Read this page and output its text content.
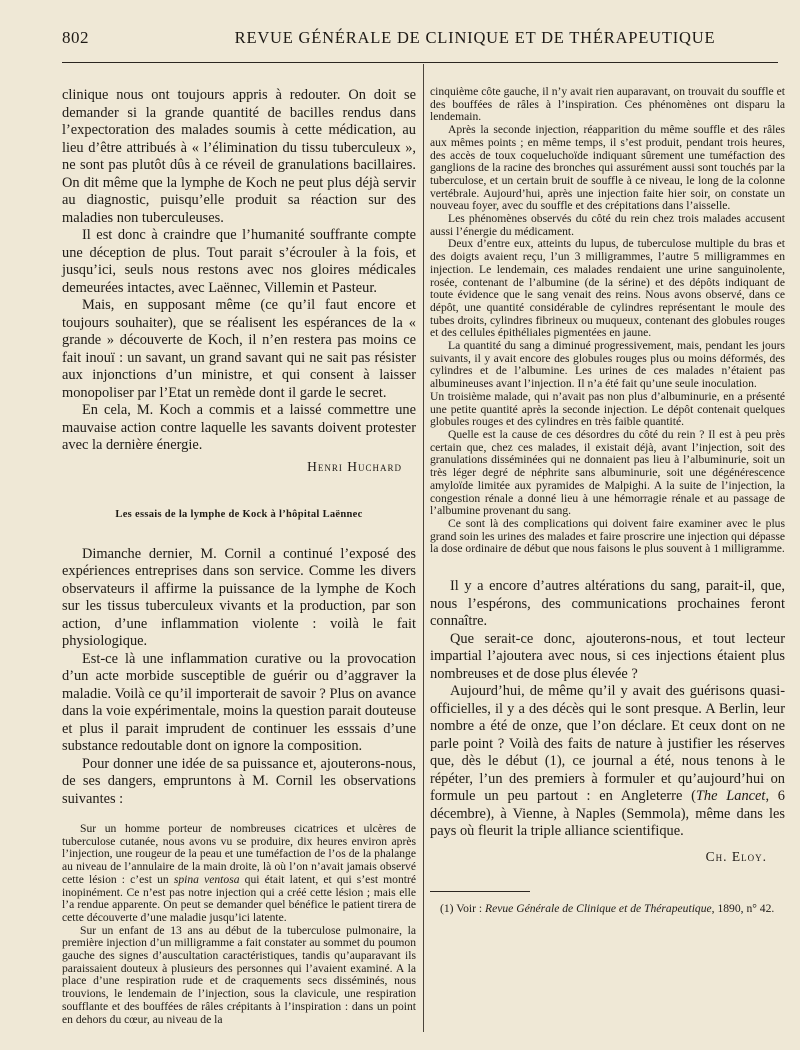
802	REVUE GÉNÉRALE DE CLINIQUE ET DE THÉRAPEUTIQUE

clinique nous ont toujours appris à redouter. On doit se demander si la grande quantité de bacilles rendus dans l’expectoration des malades soumis à cette médication, au lieu d’être attribués à « l’élimination du tissu tuberculeux », ne sont pas plutôt dûs à ce réveil de granulations bacillaires. On dit même que la lymphe de Koch ne peut plus déjà servir au diagnostic, puisqu’elle produit sa réaction sur des maladies non tuberculeuses.

Il est donc à craindre que l’humanité souffrante compte une déception de plus. Tout parait s’écrouler à la fois, et jusqu’ici, seuls nous restons avec nos gloires médicales demeurées intactes, avec Laënnec, Villemin et Pasteur.

Mais, en supposant même (ce qu’il faut encore et toujours souhaiter), que se réalisent les espérances de la « grande » découverte de Koch, il n’en restera pas moins ce fait inouï : un savant, un grand savant qui ne sait pas résister aux injonctions d’un ministre, et qui consent à laisser monopoliser par l’Etat un remède dont il garde le secret.

En cela, M. Koch a commis et a laissé commettre une mauvaise action contre laquelle les savants doivent protester avec la dernière énergie.

Henri Huchard
Les essais de la lymphe de Kock à l’hôpital Laënnec

Dimanche dernier, M. Cornil a continué l’exposé des expériences entreprises dans son service. Comme les divers observateurs il affirme la puissance de la lymphe de Koch sur les tissus tuberculeux vivants et la production, par son action, d’une inflammation violente : voilà le fait physiologique.

Est-ce là une inflammation curative ou la provocation d’un acte morbide susceptible de guérir ou d’aggraver la maladie. Voilà ce qu’il importerait de savoir ? Plus on avance dans la voie expérimentale, moins la question parait douteuse et plus il parait imprudent de continuer les esssais d’une substance redoutable dont on ignore la composition.

Pour donner une idée de sa puissance et, ajouterons-nous, de ses dangers, empruntons à M. Cornil les observations suivantes :

Sur un homme porteur de nombreuses cicatrices et ulcères de tuberculose cutanée, nous avons vu se produire, dix heures environ après l’injection, une rougeur de la peau et une tuméfaction de l’os de la phalange au niveau de l’annulaire de la main droite, là où l’on n’avait jamais observé cette lésion : c’est un spina ventosa qui était latent, et qui s’est montré inopinément. Ce n’est pas notre injection qui a créé cette lésion ; mais elle l’a rendue apparente. On peut se demander quel bénéfice le patient tirera de cette découverte d’une maladie jusqu’ici latente.

Sur un enfant de 13 ans au début de la tuberculose pulmonaire, la première injection d’un milligramme a fait constater au sommet du poumon gauche des signes d’auscultation caractéristiques, tandis qu’auparavant ils paraissaient douteux à plusieurs des personnes qui l’avaient examiné. A la place d’une respiration rude et de craquements secs disséminés, nous trouvions, le lendemain de l’injection, sous la clavicule, une respiration soufflante et des bouffées de râles crépitants à l’inspiration : dans un point en dehors du cœur, au niveau de la

cinquième côte gauche, il n’y avait rien auparavant, on trouvait du souffle et des bouffées de râles à l’inspiration. Ces phénomènes ont disparu la lendemain.

Après la seconde injection, réapparition du même souffle et des râles aux mêmes points ; en même temps, il s’est produit, pendant trois heures, des accès de toux coqueluchoïde indiquant sûrement une tuméfaction des ganglions de la racine des bronches qui assurément aussi sont touchés par la tuberculose, et un certain bruit de souffle à ce niveau, le long de la colonne vertébrale. Aujourd’hui, après une injection faite hier soir, on constate un nouveau foyer, avec du souffle et des crépitations dans l’aisselle.

Les phénomènes observés du côté du rein chez trois malades accusent aussi l’énergie du médicament.

Deux d’entre eux, atteints du lupus, de tuberculose multiple du bras et des doigts avaient reçu, l’un 3 milligrammes, l’autre 5 milligrammes en injection. Le lendemain, ces malades rendaient une urine sanguinolente, rosée, contenant de l’albumine (de la sérine) et des dépôts indiquant de toute évidence que le sang venait des reins. Nous avons observé, dans ce dépôt, une quantité considérable de cylindres représentant le moule des tubes droits, cylindres fibrineux ou muqueux, contenant des globules rouges et des cellules épithéliales pigmentées en jaune.

La quantité du sang a diminué progressivement, mais, pendant les jours suivants, il y avait encore des globules rouges plus ou moins déformés, des cylindres et de l’albumine. Les urines de ces malades n’étaient pas albumineuses avant l’injection. Il n’a été fait qu’une seule inoculation.

Un troisième malade, qui n’avait pas non plus d’albuminurie, en a présenté une petite quantité après la seconde injection. Le dépôt contenait quelques globules rouges et des cylindres en très faible quantité.

Quelle est la cause de ces désordres du côté du rein ? Il est à peu près certain que, chez ces malades, il existait déjà, avant l’injection, soit des granulations disséminées qui ne donnaient pas lieu à l’albuminurie, soit un très léger degré de néphrite sans albuminurie, soit une dégénérescence amyloïde limitée aux pyramides de Malpighi. A la suite de l’injection, la congestion rénale a donné lieu à une hémorragie rénale et au passage de l’albumine provenant du sang.

Ce sont là des complications qui doivent faire examiner avec le plus grand soin les urines des malades et faire proscrire une injection qui dépasse la dose ordinaire de début que nous faisons le plus souvent à 1 milligramme.

Il y a encore d’autres altérations du sang, parait-il, que, nous l’espérons, des communications prochaines feront connaître.

Que serait-ce donc, ajouterons-nous, et tout lecteur impartial l’ajoutera avec nous, si ces injections étaient plus nombreuses et de dose plus élevée ?

Aujourd’hui, de même qu’il y avait des guérisons quasi-officielles, il y a des décès qui le sont presque. A Berlin, leur nombre a été de onze, que l’on déclare. Et ceux dont on ne parle point ? Voilà des faits de nature à justifier les réserves que, dès le début (1), ce journal a été, nous tenons à le répéter, l’un des premiers à formuler et qu’aujourd’hui on formule un peu partout : en Angleterre (The Lancet, 6 décembre), à Vienne, à Naples (Semmola), même dans les pays où fleurit la triple alliance scientifique.

Ch. Eloy.
(1) Voir : Revue Générale de Clinique et de Thérapeutique, 1890, n° 42.
